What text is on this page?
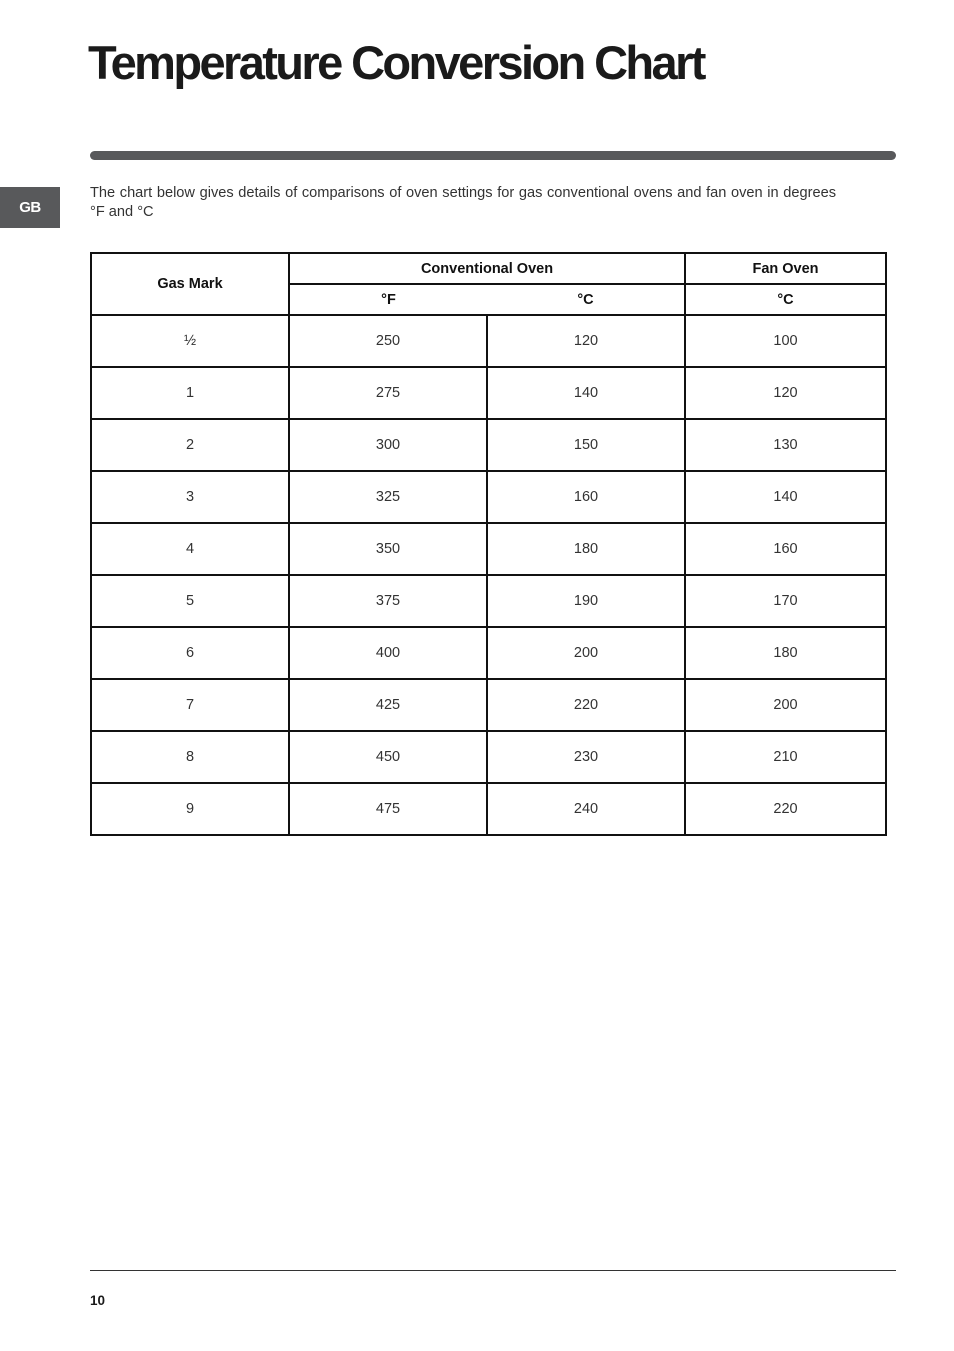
Temperature Conversion Chart
GB

The chart below gives details of comparisons of oven settings for gas conventional ovens and fan oven in degrees °F and °C

Gas Mark	Conventional Oven		Fan Oven
	°F	°C	°C
½	250	120	100
1	275	140	120
2	300	150	130
3	325	160	140
4	350	180	160
5	375	190	170
6	400	200	180
7	425	220	200
8	450	230	210
9	475	240	220
10
